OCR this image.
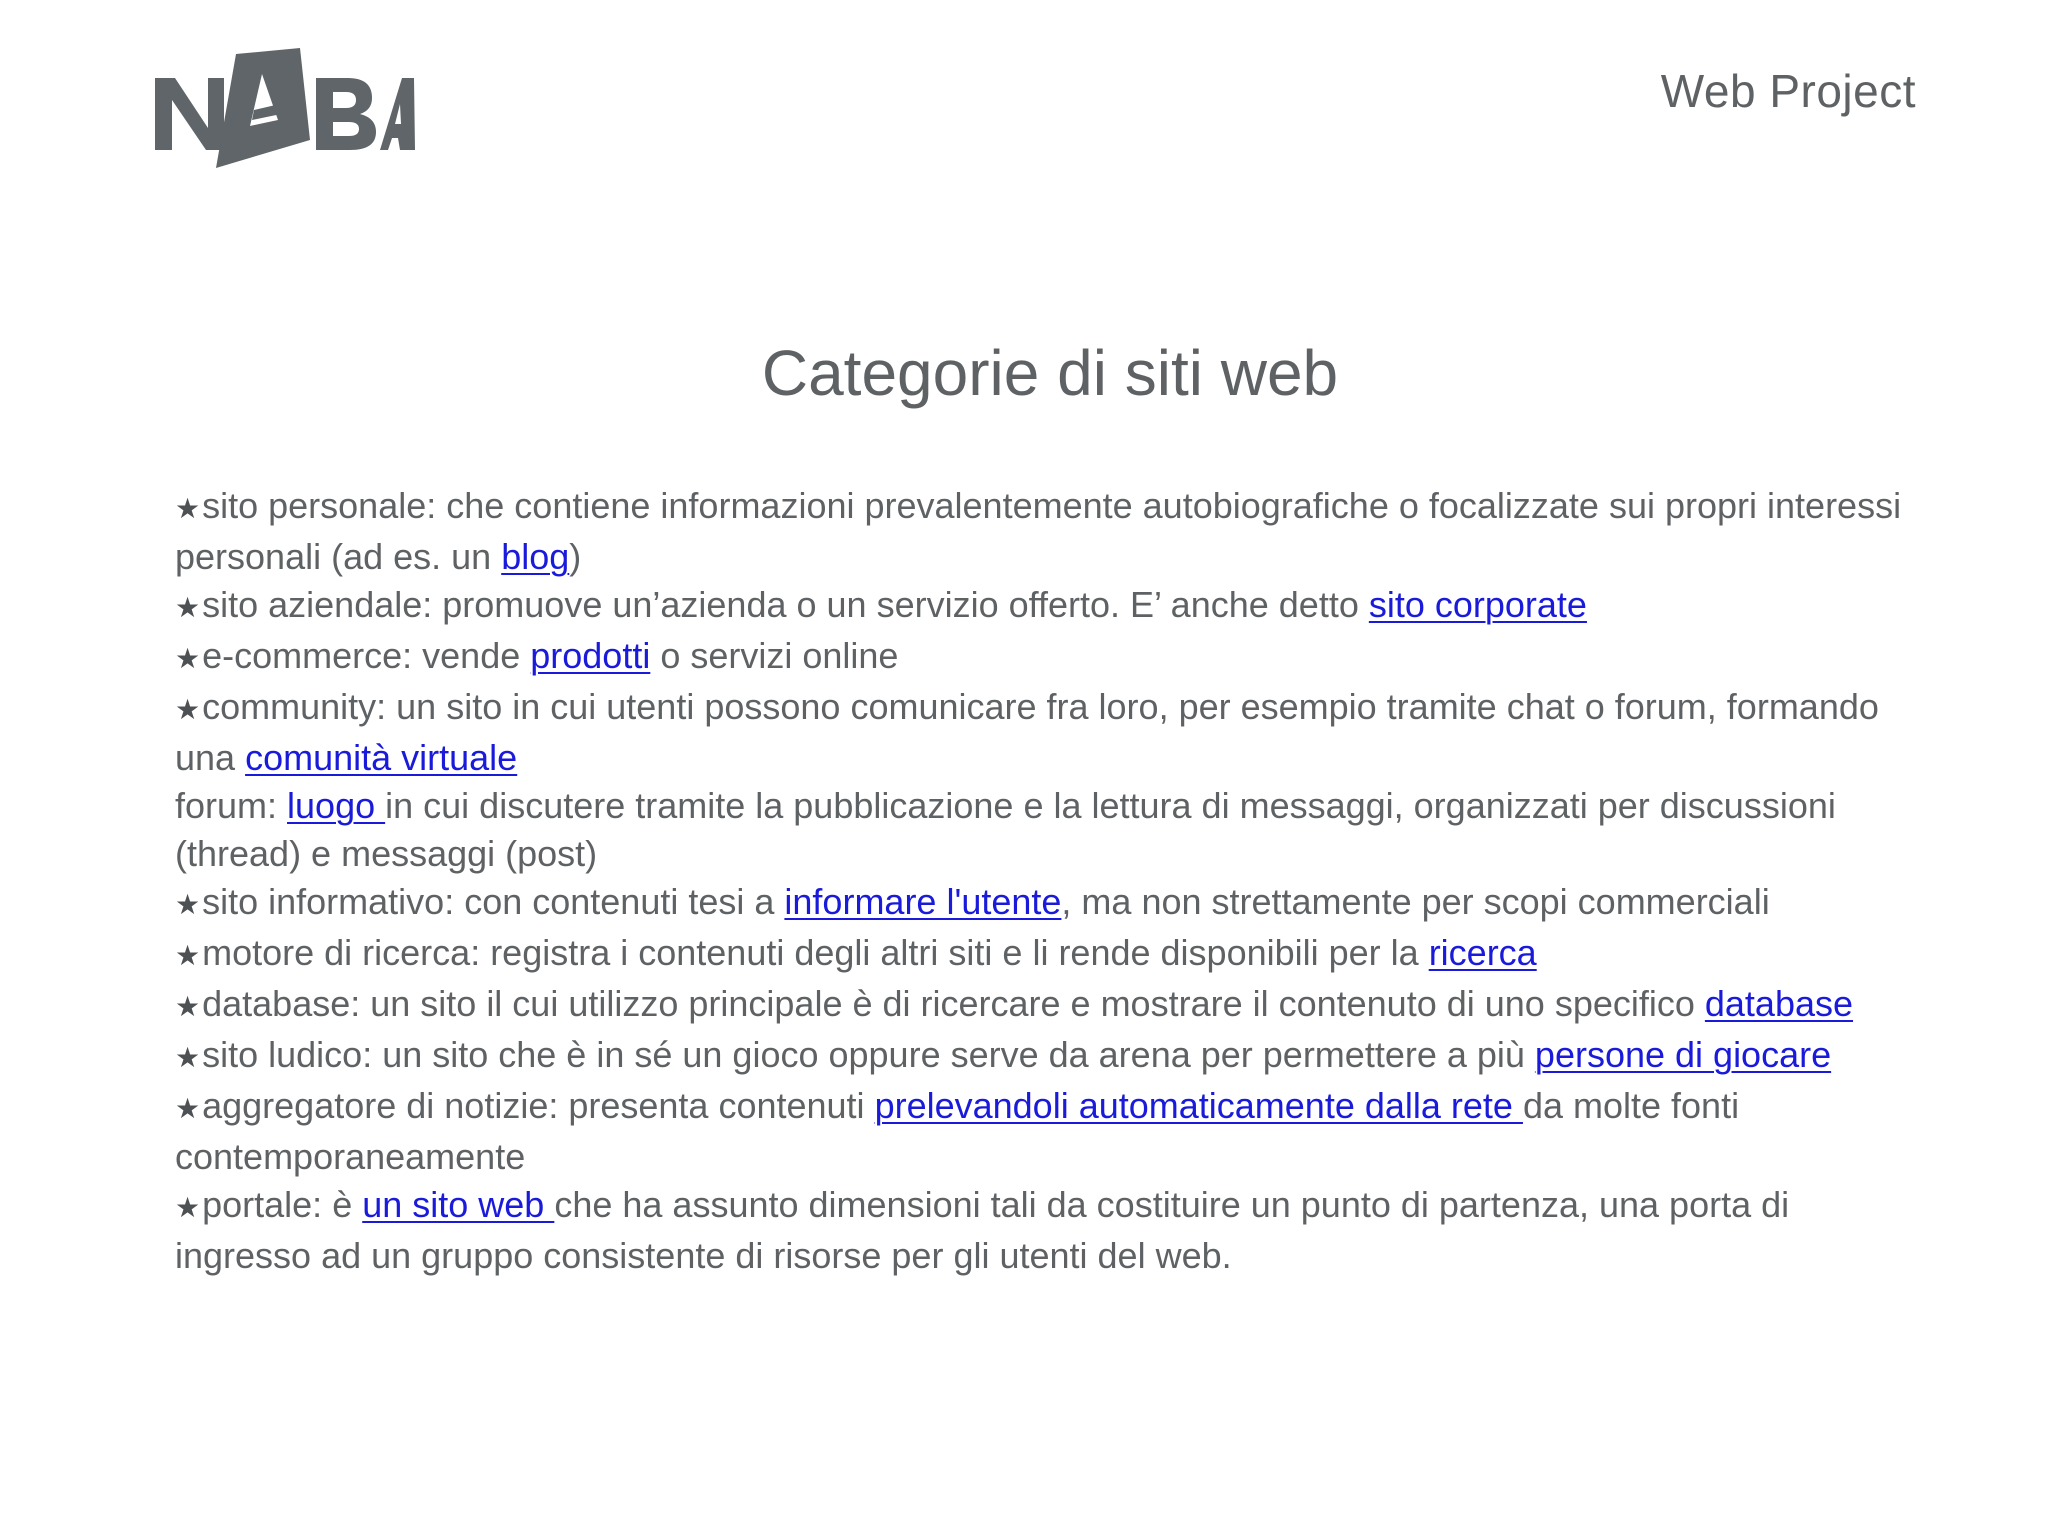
Web Project
Categorie di siti web

★sito personale: che contiene informazioni prevalentemente autobiografiche o focalizzate sui propri interessi personali (ad es. un blog)

★sito aziendale: promuove un’azienda o un servizio offerto. E’ anche detto sito corporate

★e-commerce: vende prodotti o servizi online

★community: un sito in cui utenti possono comunicare fra loro, per esempio tramite chat o forum, formando una comunità virtuale

forum: luogo in cui discutere tramite la pubblicazione e la lettura di messaggi, organizzati per discussioni (thread) e messaggi (post)

★sito informativo: con contenuti tesi a informare l'utente, ma non strettamente per scopi commerciali

★motore di ricerca: registra i contenuti degli altri siti e li rende disponibili per la ricerca

★database: un sito il cui utilizzo principale è di ricercare e mostrare il contenuto di uno specifico database

★sito ludico: un sito che è in sé un gioco oppure serve da arena per permettere a più persone di giocare

★aggregatore di notizie: presenta contenuti prelevandoli automaticamente dalla rete da molte fonti contemporaneamente

★portale: è un sito web che ha assunto dimensioni tali da costituire un punto di partenza, una porta di ingresso ad un gruppo consistente di risorse per gli utenti del web.
